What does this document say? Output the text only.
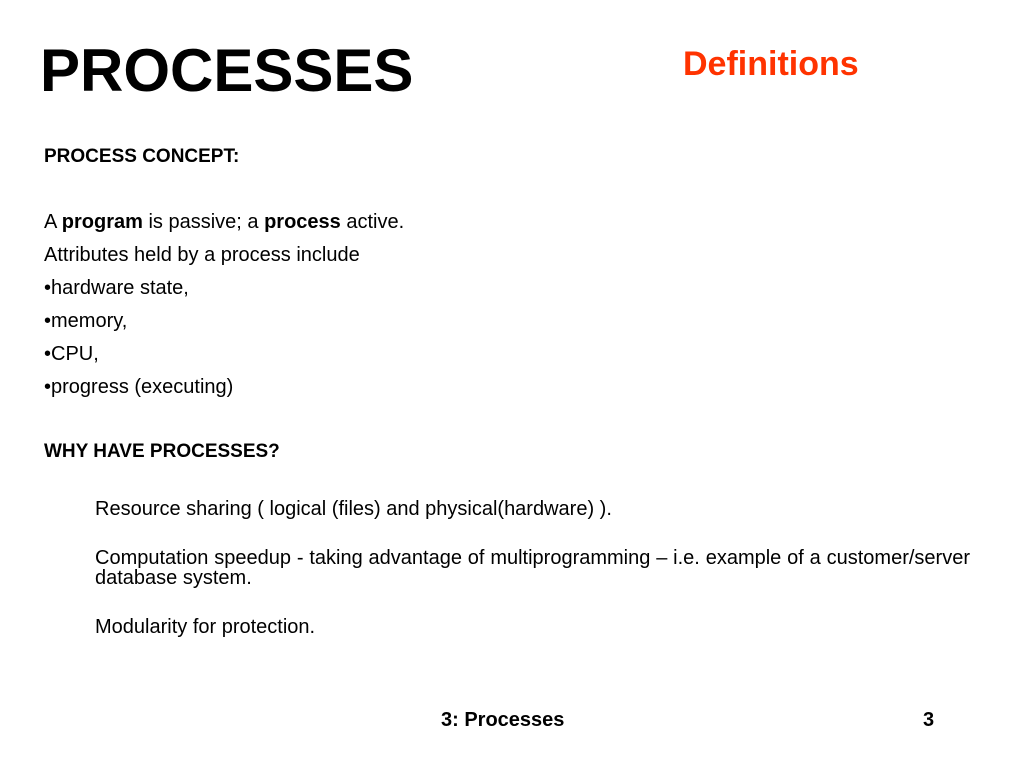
PROCESSES	Definitions
PROCESS CONCEPT:
A program is passive; a process active.
Attributes held by a process include
•hardware state,
•memory,
•CPU,
•progress (executing)
WHY HAVE PROCESSES?
Resource sharing ( logical (files) and physical(hardware) ).
Computation speedup - taking advantage of multiprogramming – i.e. example of a customer/server database system.
Modularity for protection.
3: Processes	3
